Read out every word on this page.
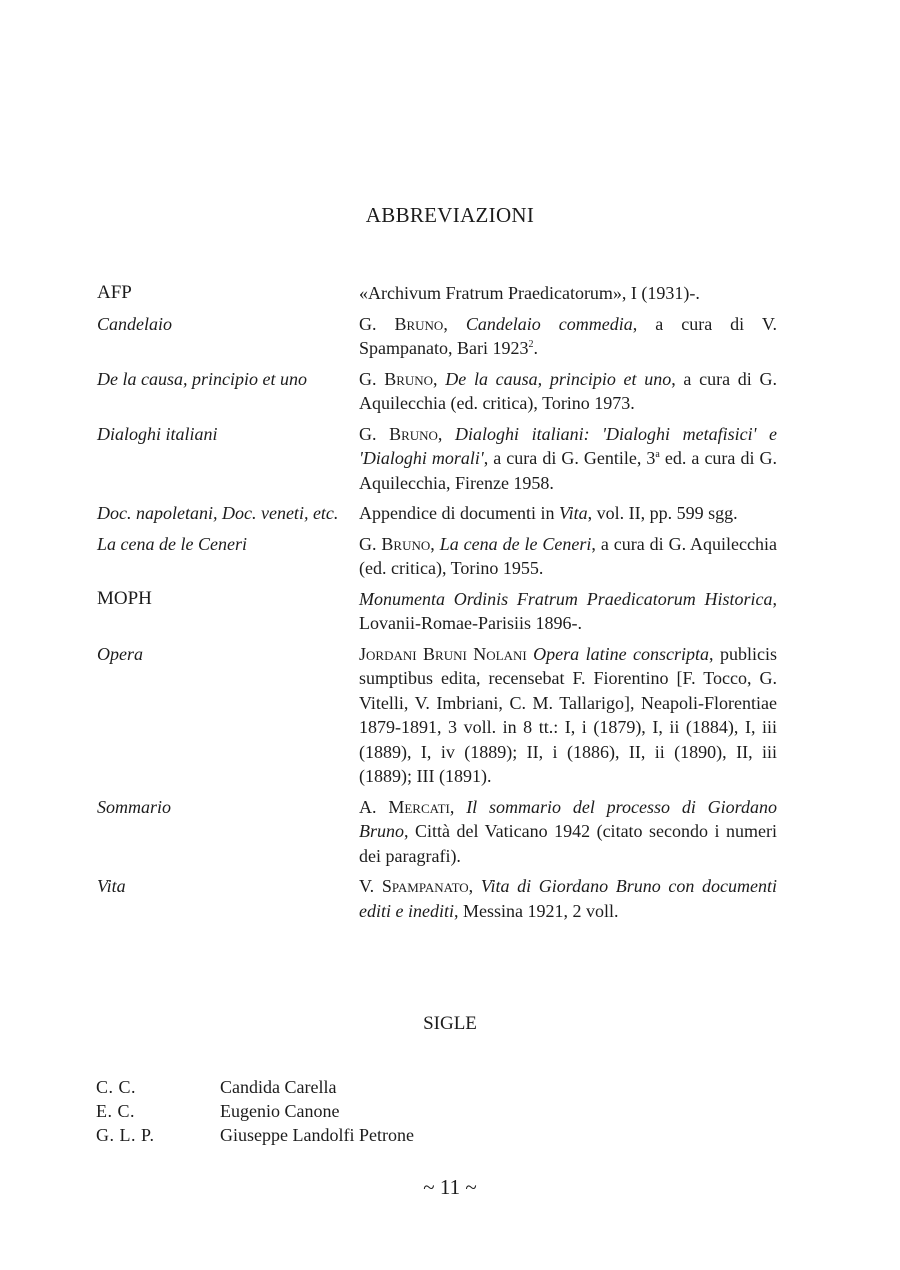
ABBREVIAZIONI
AFP	«Archivum Fratrum Praedicatorum», I (1931)-.
Candelaio	G. Bruno, Candelaio commedia, a cura di V. Spampanato, Bari 1923$^2$.
De la causa, principio et uno	G. Bruno, De la causa, principio et uno, a cura di G. Aquilecchia (ed. critica), Torino 1973.
Dialoghi italiani	G. Bruno, Dialoghi italiani: 'Dialoghi metafisici' e 'Dialoghi morali', a cura di G. Gentile, 3$^a$ ed. a cura di G. Aquilecchia, Firenze 1958.
Doc. napoletani, Doc. veneti, etc.	Appendice di documenti in Vita, vol. II, pp. 599 sgg.
La cena de le Ceneri	G. Bruno, La cena de le Ceneri, a cura di G. Aquilecchia (ed. critica), Torino 1955.
MOPH	Monumenta Ordinis Fratrum Praedicatorum Historica, Lovanii-Romae-Parisiis 1896-.
Opera	Jordani Bruni Nolani Opera latine conscripta, publicis sumptibus edita, recensebat F. Fiorentino [F. Tocco, G. Vitelli, V. Imbriani, C. M. Tallarigo], Neapoli-Florentiae 1879-1891, 3 voll. in 8 tt.: I, i (1879), I, ii (1884), I, iii (1889), I, iv (1889); II, i (1886), II, ii (1890), II, iii (1889); III (1891).
Sommario	A. Mercati, Il sommario del processo di Giordano Bruno, Città del Vaticano 1942 (citato secondo i numeri dei paragrafi).
Vita	V. Spampanato, Vita di Giordano Bruno con documenti editi e inediti, Messina 1921, 2 voll.
SIGLE
C. C.	Candida Carella
E. C.	Eugenio Canone
G. L. P.	Giuseppe Landolfi Petrone
~ 11 ~
